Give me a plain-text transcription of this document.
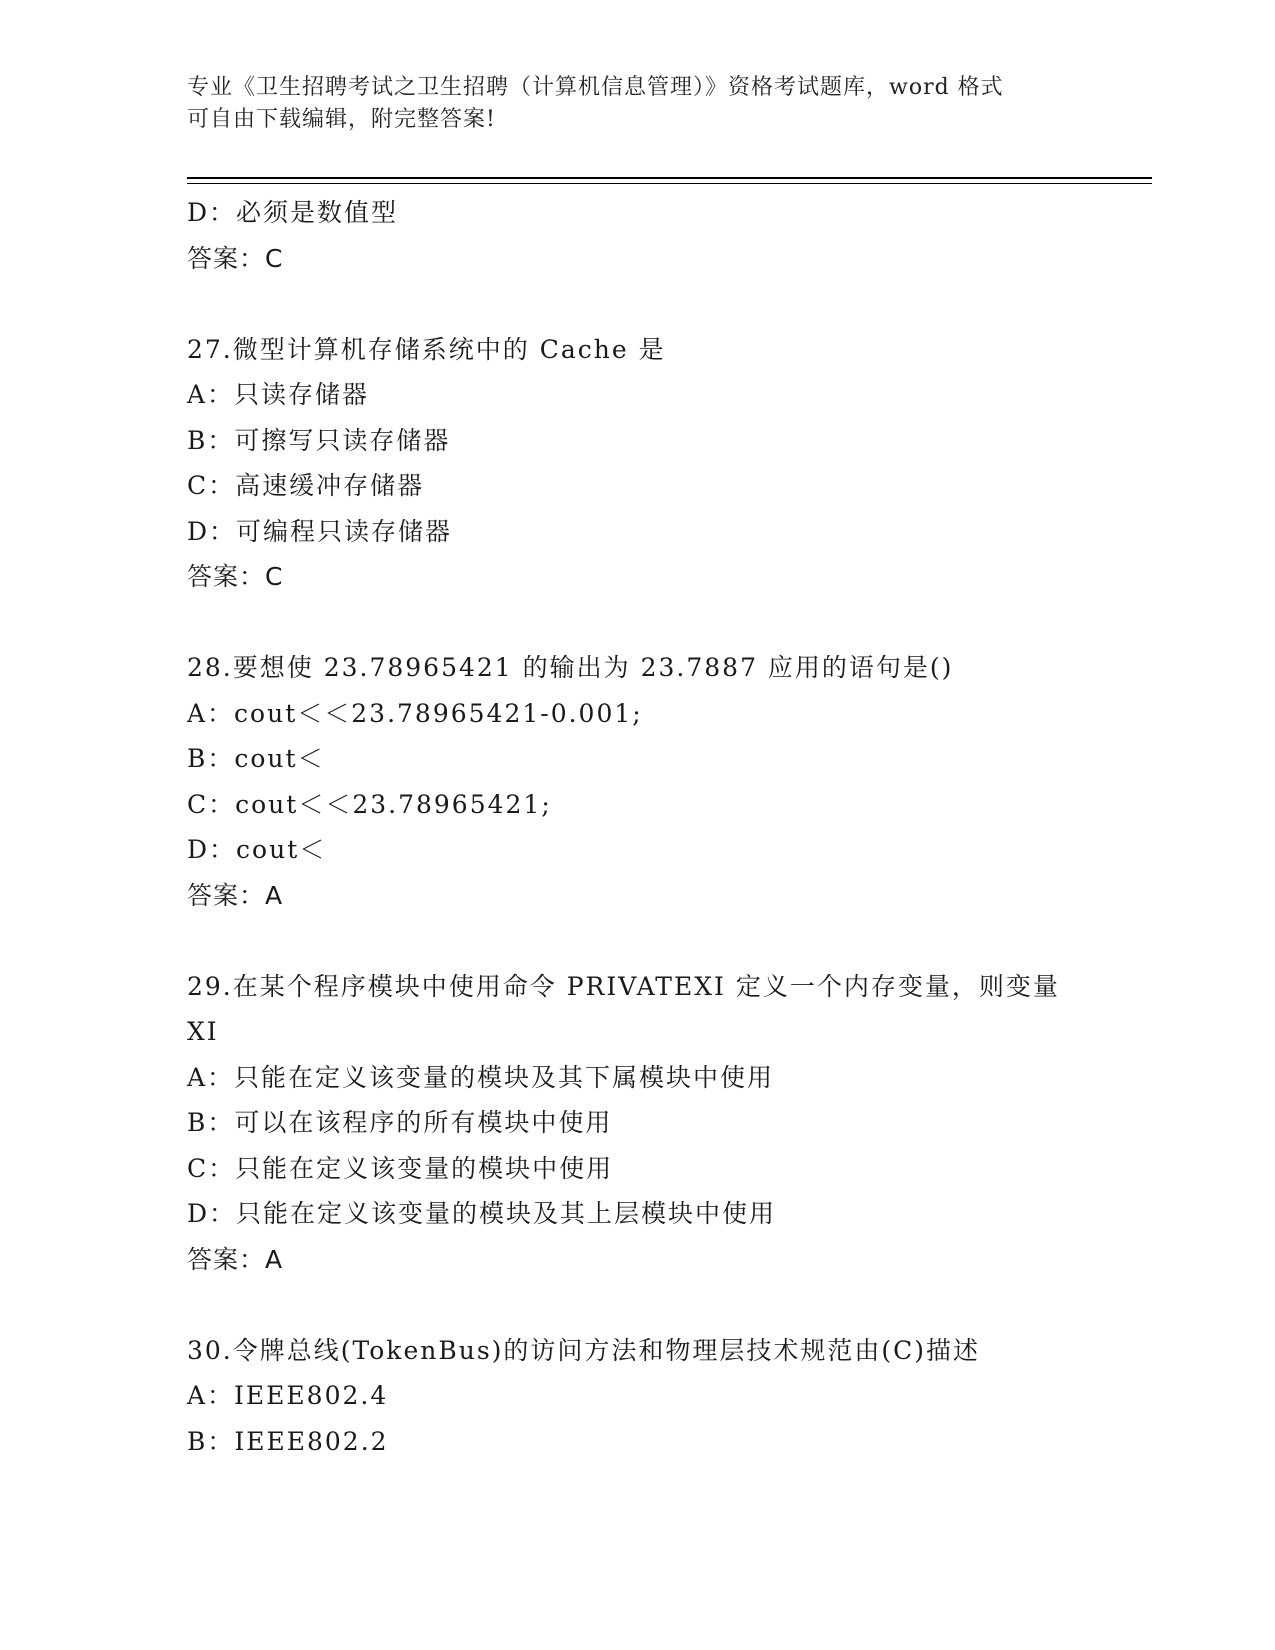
专业《卫生招聘考试之卫生招聘（计算机信息管理）》资格考试题库，word 格式
可自由下载编辑，附完整答案!
D：必须是数值型
答案：C
27.微型计算机存储系统中的 Cache 是
A：只读存储器
B：可擦写只读存储器
C：高速缓冲存储器
D：可编程只读存储器
答案：C
28.要想使 23.78965421 的输出为 23.7887 应用的语句是()
A：cout＜＜23.78965421-0.001;
B：cout＜
C：cout＜＜23.78965421;
D：cout＜
答案：A
29.在某个程序模块中使用命令 PRIVATEXI 定义一个内存变量，则变量
XI
A：只能在定义该变量的模块及其下属模块中使用
B：可以在该程序的所有模块中使用
C：只能在定义该变量的模块中使用
D：只能在定义该变量的模块及其上层模块中使用
答案：A
30.令牌总线(TokenBus)的访问方法和物理层技术规范由(C)描述
A：IEEE802.4
B：IEEE802.2
